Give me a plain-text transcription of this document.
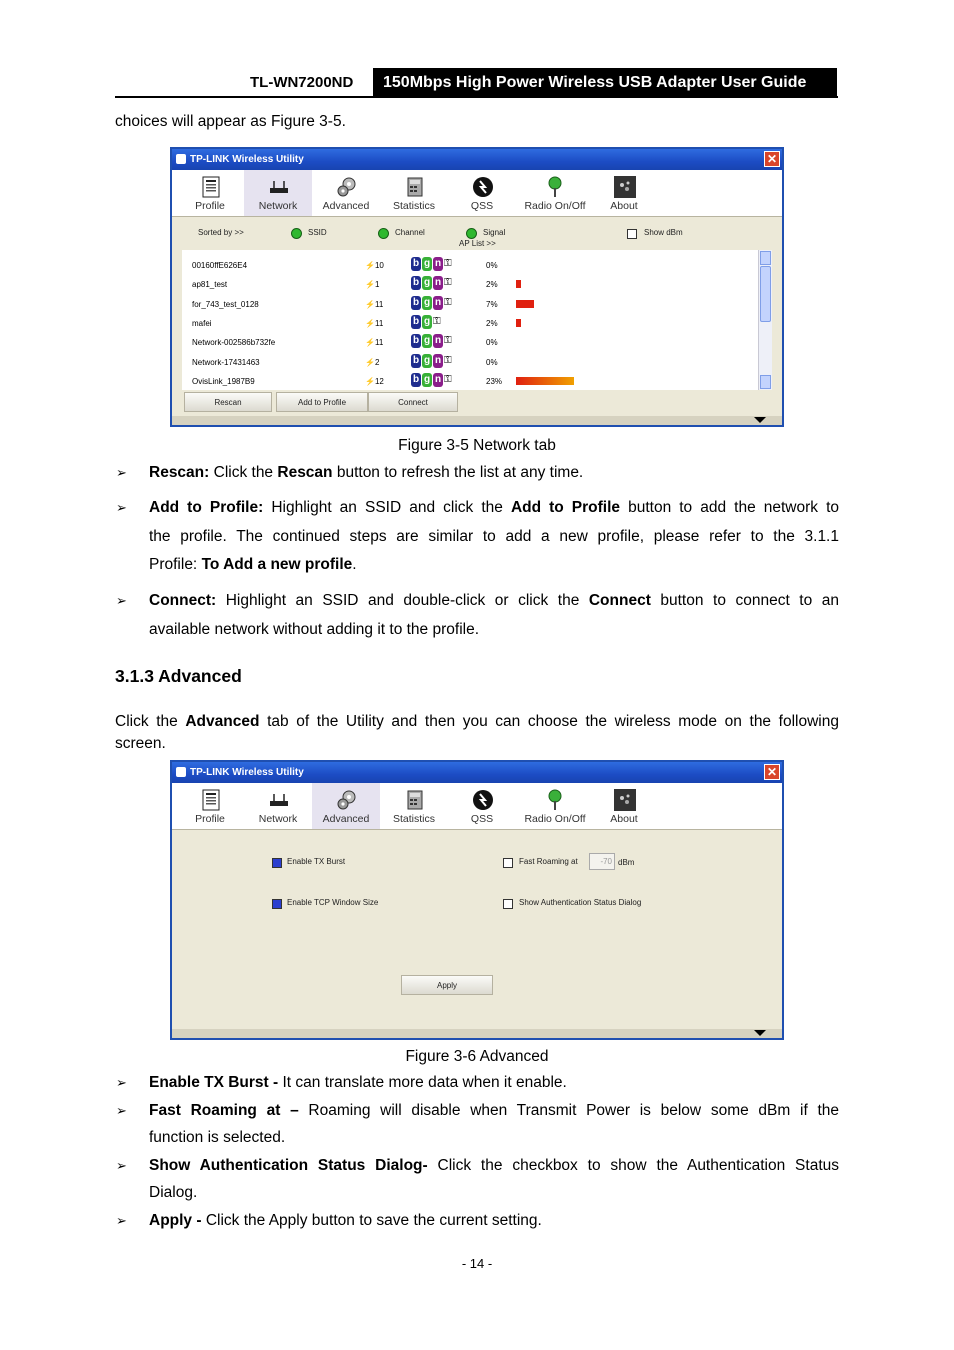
TL-WN7200ND	150Mbps High Power Wireless USB Adapter User Guide
choices will appear as Figure 3-5.
TP-LINK Wireless Utility	✕
Profile	Network	Advanced	Statistics	QSS	Radio On/Off	About
Sorted by >>	SSID	Channel	Signal	Show dBm
AP List >>
00160ffE626E4	⚡10	b g n ⚿	0%
ap81_test	⚡1	b g n ⚿	2%
for_743_test_0128	⚡11	b g n ⚿	7%
mafei	⚡11	b g ⚿	2%
Network-002586b732fe	⚡11	b g n ⚿	0%
Network-17431463	⚡2	b g n ⚿	0%
OvisLink_1987B9	⚡12	b g n ⚿	23%
Rescan	Add to Profile	Connect
Figure 3-5 Network tab
➢ Rescan: Click the Rescan button to refresh the list at any time.
➢ Add to Profile: Highlight an SSID and click the Add to Profile button to add the network to
the profile. The continued steps are similar to add a new profile, please refer to the 3.1.1
Profile: To Add a new profile.
➢ Connect: Highlight an SSID and double-click or click the Connect button to connect to an
available network without adding it to the profile.
3.1.3 Advanced
Click the Advanced tab of the Utility and then you can choose the wireless mode on the following
screen.
TP-LINK Wireless Utility	✕
Profile	Network	Advanced	Statistics	QSS	Radio On/Off	About
Enable TX Burst
Enable TCP Window Size
Fast Roaming at	-70 dBm
Show Authentication Status Dialog
Apply
Figure 3-6 Advanced
➢ Enable TX Burst - It can translate more data when it enable.
➢ Fast Roaming at – Roaming will disable when Transmit Power is below some dBm if the
function is selected.
➢ Show Authentication Status Dialog- Click the checkbox to show the Authentication Status
Dialog.
➢ Apply - Click the Apply button to save the current setting.
- 14 -
